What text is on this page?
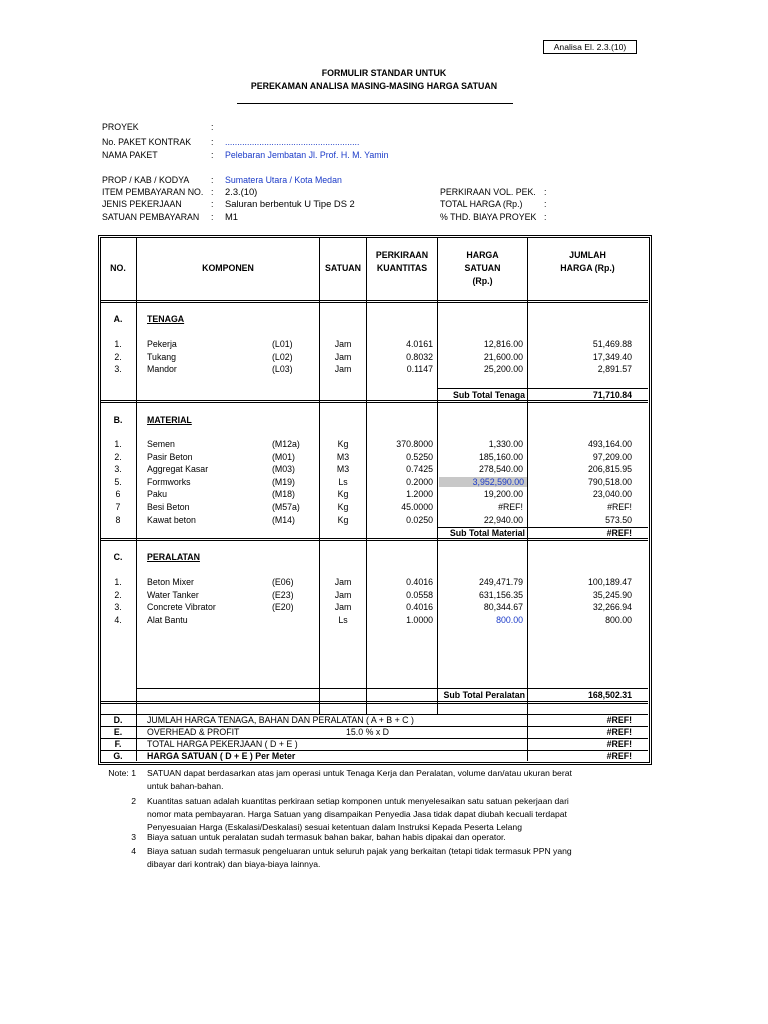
Analisa El. 2.3.(10)
FORMULIR STANDAR UNTUK
PEREKAMAN ANALISA MASING-MASING HARGA SATUAN
PROYEK	:
No. PAKET KONTRAK : .......................................................
NAMA PAKET	: Pelebaran Jembatan Jl. Prof. H. M. Yamin
PROP / KAB / KODYA : Sumatera Utara / Kota Medan
ITEM PEMBAYARAN NO. : 2.3.(10)
JENIS PEKERJAAN	: Saluran berbentuk U Tipe DS 2
SATUAN PEMBAYARAN : M1
PERKIRAAN VOL. PEK. :
TOTAL HARGA (Rp.) :
% THD. BIAYA PROYEK :
NO.	KOMPONEN	SATUAN
PERKIRAAN KUANTITAS
HARGA SATUAN (Rp.)
JUMLAH HARGA (Rp.)
A.	TENAGA
1.	Pekerja	(L01)	Jam	4.0161	12,816.00	51,469.88
2.	Tukang	(L02)	Jam	0.8032	21,600.00	17,349.40
3.	Mandor	(L03)	Jam	0.1147	25,200.00	2,891.57
Sub Total Tenaga	71,710.84
B.	MATERIAL
1.	Semen	(M12a)	Kg	370.8000	1,330.00	493,164.00
2.	Pasir Beton	(M01)	M3	0.5250	185,160.00	97,209.00
3.	Aggregat Kasar	(M03)	M3	0.7425	278,540.00	206,815.95
5.	Formworks	(M19)	Ls	0.2000	3,952,590.00	790,518.00
6	Paku	(M18)	Kg	1.2000	19,200.00	23,040.00
7	Besi Beton	(M57a)	Kg	45.0000	#REF!	#REF!
8	Kawat beton	(M14)	Kg	0.0250	22,940.00	573.50
Sub Total Material	#REF!
C.	PERALATAN
1.	Beton Mixer	(E06)	Jam	0.4016	249,471.79	100,189.47
2.	Water Tanker	(E23)	Jam	0.0558	631,156.35	35,245.90
3.	Concrete Vibrator	(E20)	Jam	0.4016	80,344.67	32,266.94
4.	Alat Bantu	Ls	1.0000	800.00	800.00
Sub Total Peralatan	168,502.31
D.	JUMLAH HARGA TENAGA, BAHAN DAN PERALATAN ( A + B + C )	#REF!
E.	OVERHEAD & PROFIT	15.0 % x D	#REF!
F.	TOTAL HARGA PEKERJAAN ( D + E )	#REF!
G.	HARGA SATUAN ( D + E ) Per Meter	#REF!
Note: 1 SATUAN dapat berdasarkan atas jam operasi untuk Tenaga Kerja dan Peralatan, volume dan/atau ukuran berat untuk bahan-bahan.
2 Kuantitas satuan adalah kuantitas perkiraan setiap komponen untuk menyelesaikan satu satuan pekerjaan dari nomor mata pembayaran. Harga Satuan yang disampaikan Penyedia Jasa tidak dapat diubah kecuali terdapat Penyesuaian Harga (Eskalasi/Deskalasi) sesuai ketentuan dalam Instruksi Kepada Peserta Lelang
3 Biaya satuan untuk peralatan sudah termasuk bahan bakar, bahan habis dipakai dan operator.
4 Biaya satuan sudah termasuk pengeluaran untuk seluruh pajak yang berkaitan (tetapi tidak termasuk PPN yang dibayar dari kontrak) dan biaya-biaya lainnya.
